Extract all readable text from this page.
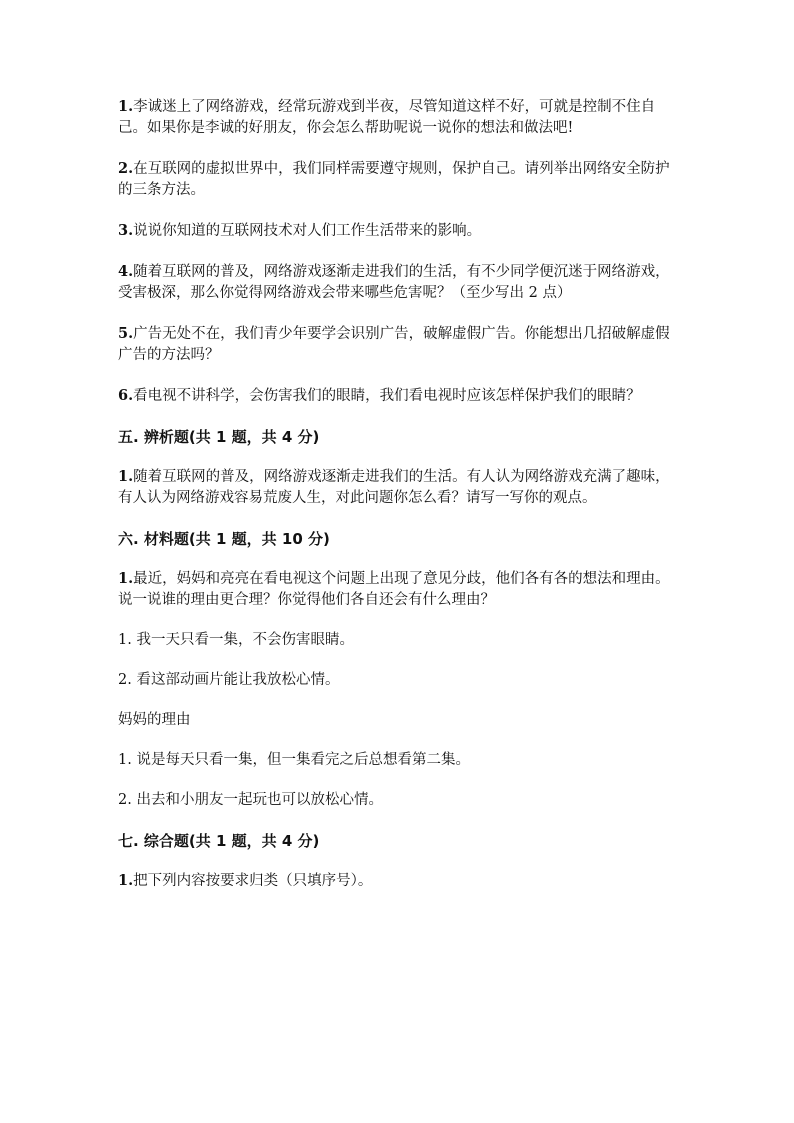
1.李诚迷上了网络游戏，经常玩游戏到半夜，尽管知道这样不好，可就是控制不住自己。如果你是李诚的好朋友，你会怎么帮助呢说一说你的想法和做法吧!

2.在互联网的虚拟世界中，我们同样需要遵守规则，保护自己。请列举出网络安全防护的三条方法。

3.说说你知道的互联网技术对人们工作生活带来的影响。

4.随着互联网的普及，网络游戏逐渐走进我们的生活，有不少同学便沉迷于网络游戏，受害极深，那么你觉得网络游戏会带来哪些危害呢？（至少写出 2 点）

5.广告无处不在，我们青少年要学会识别广告，破解虚假广告。你能想出几招破解虚假广告的方法吗？

6.看电视不讲科学，会伤害我们的眼睛，我们看电视时应该怎样保护我们的眼睛？

五. 辨析题(共 1 题，共 4 分)

1.随着互联网的普及，网络游戏逐渐走进我们的生活。有人认为网络游戏充满了趣味，有人认为网络游戏容易荒废人生，对此问题你怎么看？请写一写你的观点。

六. 材料题(共 1 题，共 10 分)

1.最近，妈妈和亮亮在看电视这个问题上出现了意见分歧，他们各有各的想法和理由。说一说谁的理由更合理？你觉得他们各自还会有什么理由？

1. 我一天只看一集，不会伤害眼睛。

2. 看这部动画片能让我放松心情。

妈妈的理由

1. 说是每天只看一集，但一集看完之后总想看第二集。

2. 出去和小朋友一起玩也可以放松心情。

七. 综合题(共 1 题，共 4 分)

1.把下列内容按要求归类（只填序号）。
